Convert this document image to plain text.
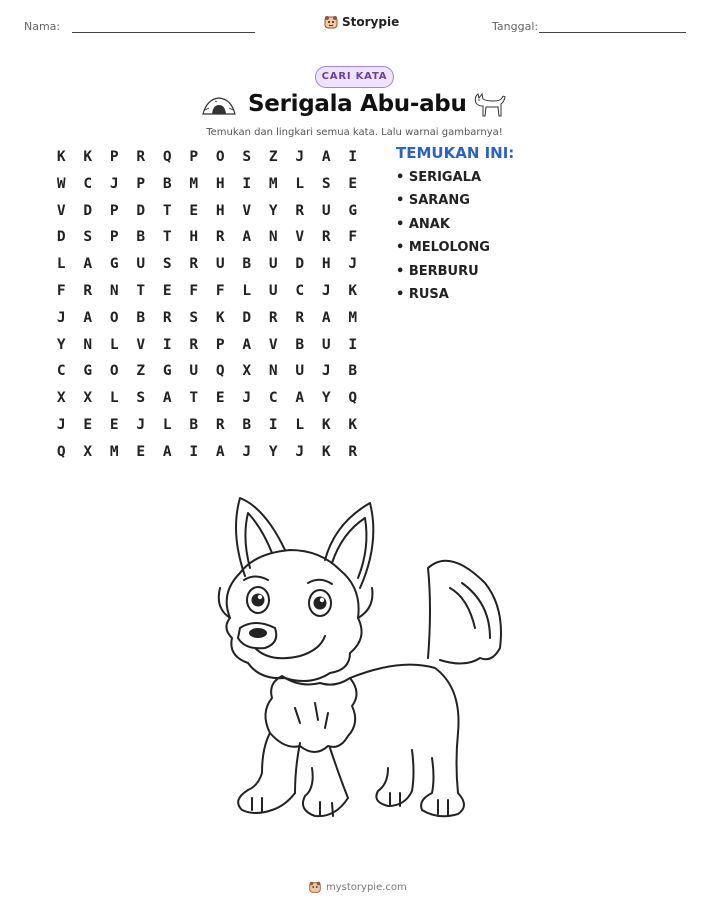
Nama:	Storypie	Tanggal:
CARI KATA
Serigala Abu-abu
Temukan dan lingkari semua kata. Lalu warnai gambarnya!
K	K	P	R	Q	P	O	S	Z	J	A	I
W	C	J	P	B	M	H	I	M	L	S	E
V	D	P	D	T	E	H	V	Y	R	U	G
D	S	P	B	T	H	R	A	N	V	R	F
L	A	G	U	S	R	U	B	U	D	H	J
F	R	N	T	E	F	F	L	U	C	J	K
J	A	O	B	R	S	K	D	R	R	A	M
Y	N	L	V	I	R	P	A	V	B	U	I
C	G	O	Z	G	U	Q	X	N	U	J	B
X	X	L	S	A	T	E	J	C	A	Y	Q
J	E	E	J	L	B	R	B	I	L	K	K
Q	X	M	E	A	I	A	J	Y	J	K	R
TEMUKAN INI:
• SERIGALA
• SARANG
• ANAK
• MELOLONG
• BERBURU
• RUSA
mystorypie.com
